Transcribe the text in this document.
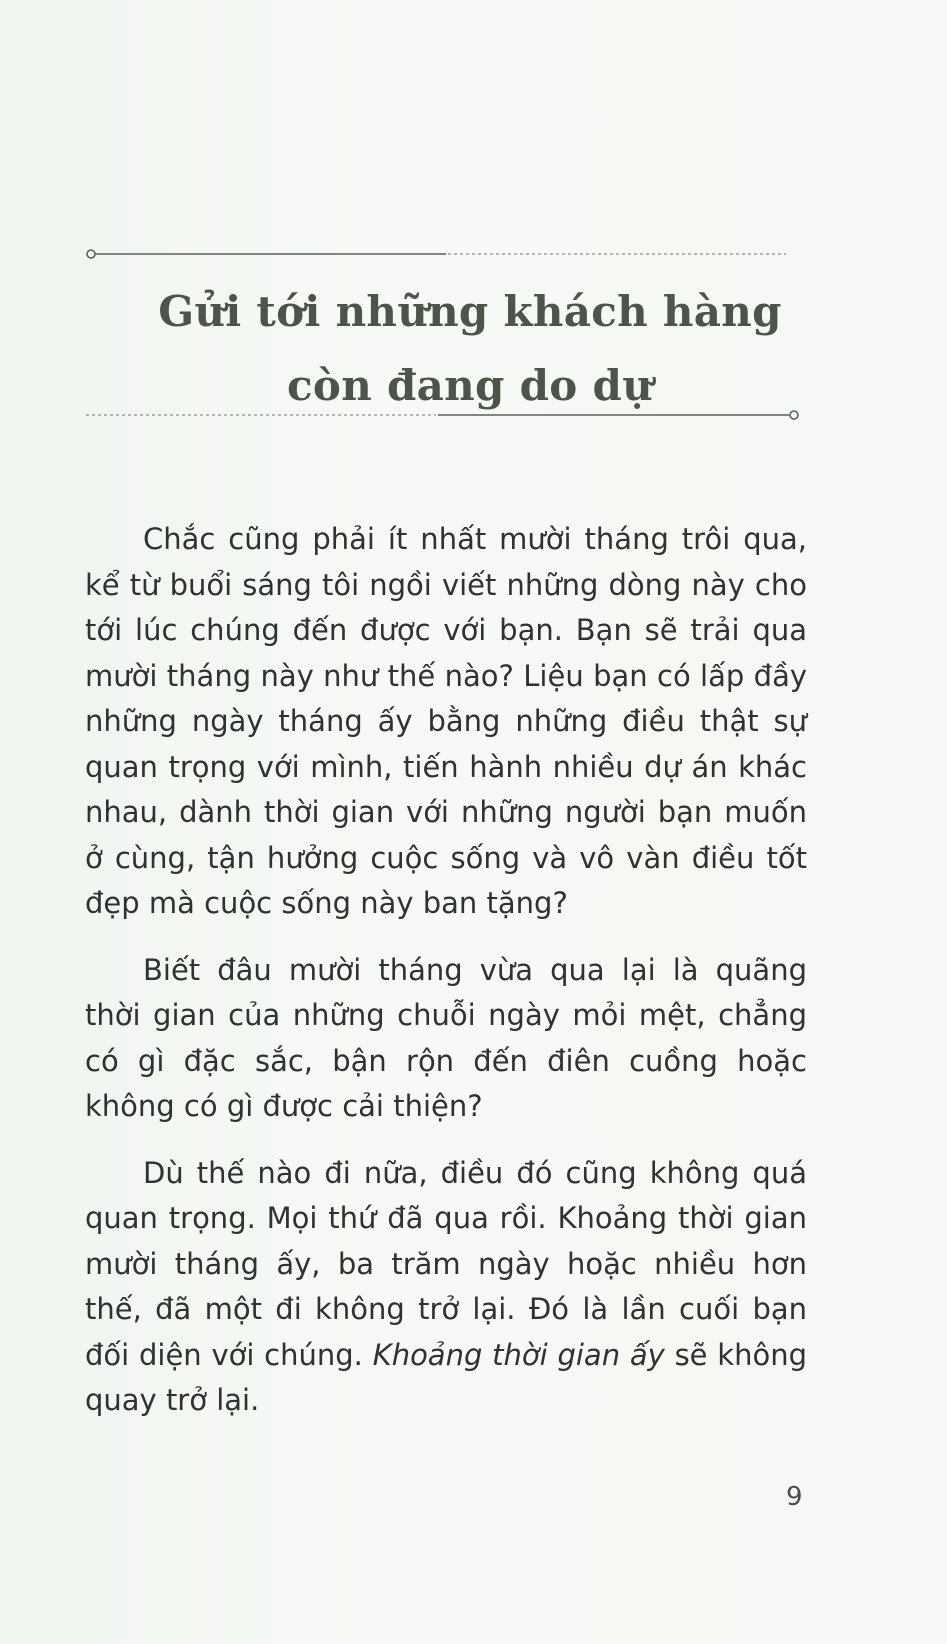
Gửi tới những khách hàng
còn đang do dự

Chắc cũng phải ít nhất mười tháng trôi qua, kể từ buổi sáng tôi ngồi viết những dòng này cho tới lúc chúng đến được với bạn. Bạn sẽ trải qua mười tháng này như thế nào? Liệu bạn có lấp đầy những ngày tháng ấy bằng những điều thật sự quan trọng với mình, tiến hành nhiều dự án khác nhau, dành thời gian với những người bạn muốn ở cùng, tận hưởng cuộc sống và vô vàn điều tốt đẹp mà cuộc sống này ban tặng?

Biết đâu mười tháng vừa qua lại là quãng thời gian của những chuỗi ngày mỏi mệt, chẳng có gì đặc sắc, bận rộn đến điên cuồng hoặc không có gì được cải thiện?

Dù thế nào đi nữa, điều đó cũng không quá quan trọng. Mọi thứ đã qua rồi. Khoảng thời gian mười tháng ấy, ba trăm ngày hoặc nhiều hơn thế, đã một đi không trở lại. Đó là lần cuối bạn đối diện với chúng. Khoảng thời gian ấy sẽ không quay trở lại.

9
